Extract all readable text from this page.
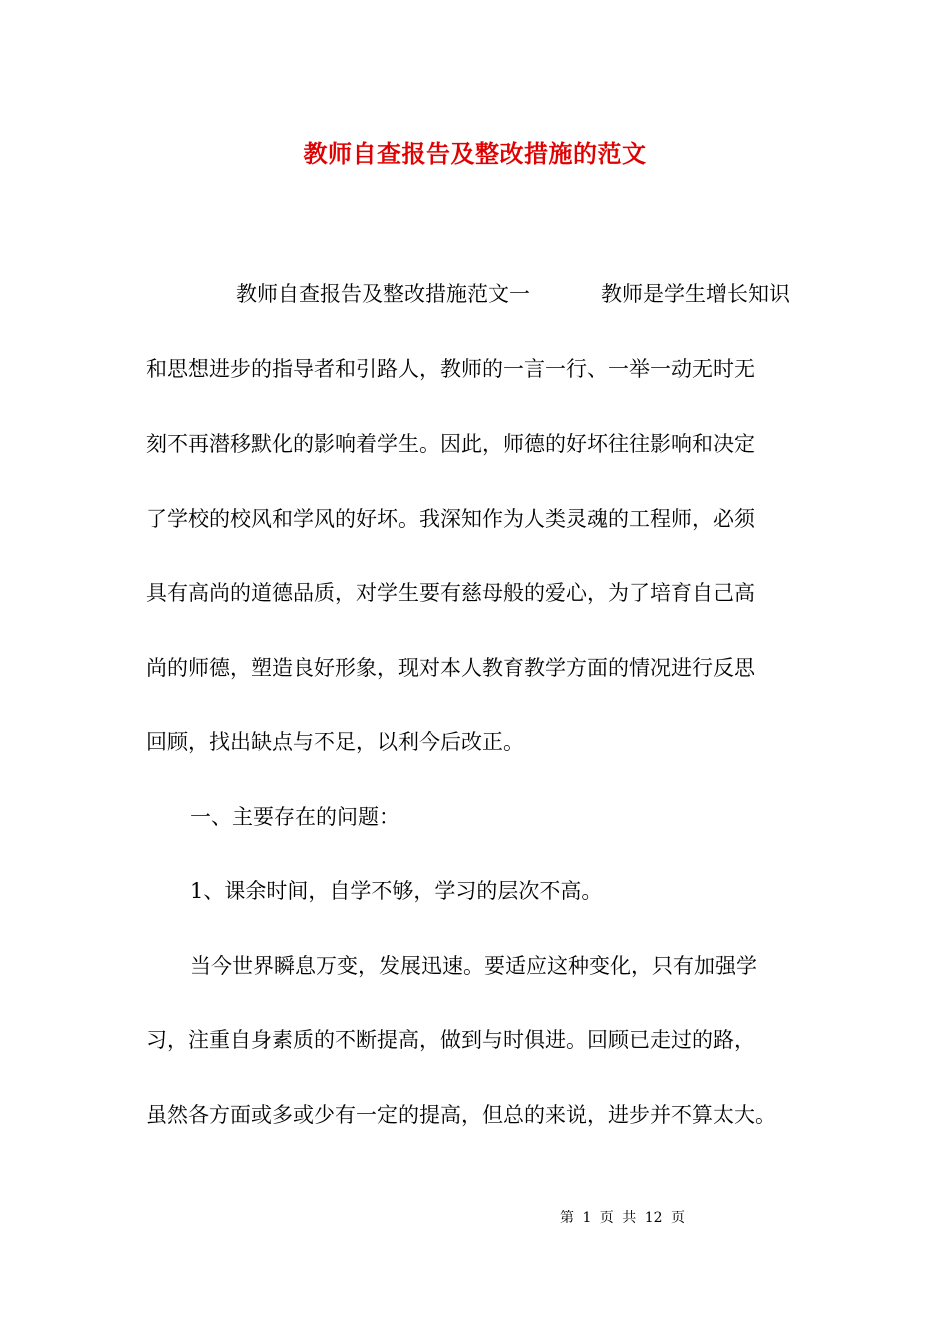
教师自查报告及整改措施的范文
教师自查报告及整改措施范文一	教师是学生增长知识
和思想进步的指导者和引路人，教师的一言一行、一举一动无时无
刻不再潜移默化的影响着学生。因此，师德的好坏往往影响和决定
了学校的校风和学风的好坏。我深知作为人类灵魂的工程师，必须
具有高尚的道德品质，对学生要有慈母般的爱心，为了培育自己高
尚的师德，塑造良好形象，现对本人教育教学方面的情况进行反思
回顾，找出缺点与不足，以利今后改正。
一、主要存在的问题：
1、课余时间，自学不够，学习的层次不高。
当今世界瞬息万变，发展迅速。要适应这种变化，只有加强学
习，注重自身素质的不断提高，做到与时俱进。回顾已走过的路，
虽然各方面或多或少有一定的提高，但总的来说，进步并不算太大。
第 1 页 共 12 页
